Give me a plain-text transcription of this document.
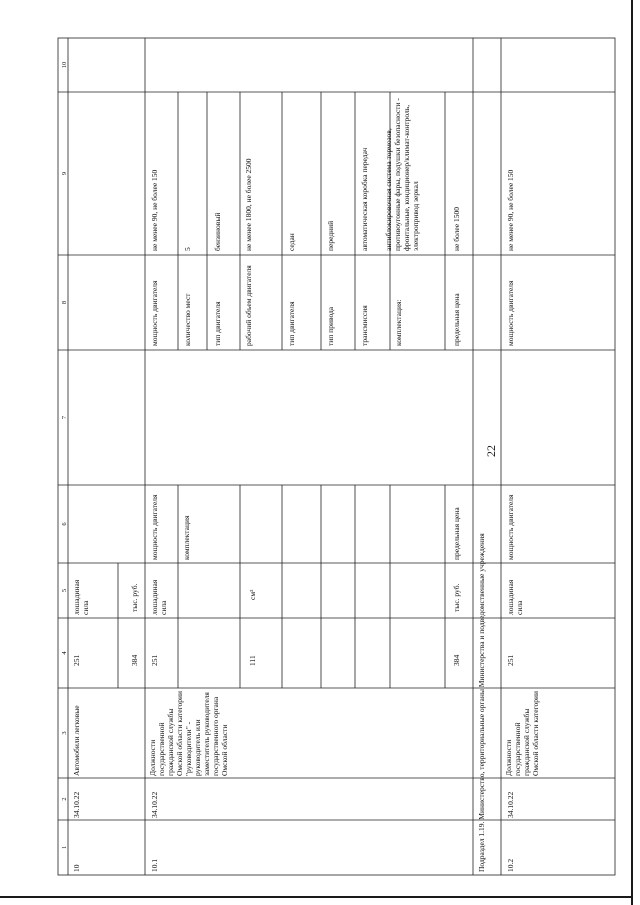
22
1
2
3
4
5
6
7
8
9
10
10
34.10.22
Автомобили легковые
251
лошадиная сила
384
тыс. руб.
10.1
34.10.22
Должности государственной гражданской службы Омской области категории "руководители" - руководитель или заместитель руководителя государственного органа Омской области
251
лошадиная сила
мощность двигателя	комплектация
111
см³
384
тыс. руб.
предельная цена
мощность двигателя
не менее 90, не более 150
количество мест
5
тип двигателя
бензиновый
рабочий объем двигателя
не менее 1800, не более 2500
тип двигателя
седан
тип привода
передний
трансмиссия
автоматическая коробка передач
комплектация:
антиблокировочная система тормозов, противоугонные фары, подушки безопасности - фронтальные, кондиционер/климат-контроль, электропривод зеркал
предельная цена
не более 1500
Подраздел 1.19. Министерство, территориальные органы Министерства и подведомственные учреждения	10.2
34.10.22
Должности государственной гражданской службы Омской области категории
251
лошадиная сила
мощность двигателя
мощность двигателя
не менее 90, не более 150
